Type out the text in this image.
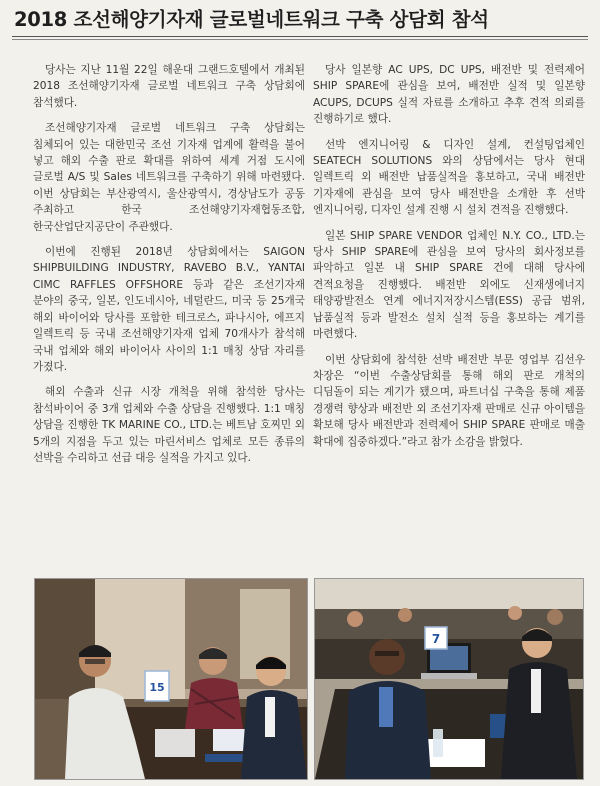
2018 조선해양기자재 글로벌네트워크 구축 상담회 참석

당사는 지난 11월 22일 해운대 그랜드호텔에서 개최된 2018 조선해양기자재 글로벌 네트워크 구축 상담회에 참석했다.

조선해양기자재 글로벌 네트워크 구축 상담회는 침체되어 있는 대한민국 조선 기자재 업계에 활력을 불어 넣고 해외 수출 판로 확대를 위하여 세계 거점 도시에 글로벌 A/S 및 Sales 네트워크를 구축하기 위해 마련됐다. 이번 상담회는 부산광역시, 울산광역시, 경상남도가 공동 주최하고 한국 조선해양기자재협동조합, 한국산업단지공단이 주관했다.

이번에 진행된 2018년 상담회에서는 SAIGON SHIPBUILDING INDUSTRY, RAVEBO B.V., YANTAI CIMC RAFFLES OFFSHORE 등과 같은 조선기자재 분야의 중국, 일본, 인도네시아, 네덜란드, 미국 등 25개국 해외 바이어와 당사를 포함한 테크로스, 파나시아, 에프지 일렉트릭 등 국내 조선해양기자재 업체 70개사가 참석해 국내 업체와 해외 바이어사 사이의 1:1 매칭 상담 자리를 가졌다.

해외 수출과 신규 시장 개척을 위해 참석한 당사는 참석바이어 중 3개 업체와 수출 상담을 진행했다. 1:1 매칭 상담을 진행한 TK MARINE CO., LTD.는 베트남 호찌민 외 5개의 지점을 두고 있는 마린서비스 업체로 모든 종류의 선박을 수리하고 선급 대응 실적을 가지고 있다.

당사 일본향 AC UPS, DC UPS, 배전반 및 전력제어 SHIP SPARE에 관심을 보여, 배전반 실적 및 일본향 ACUPS, DCUPS 실적 자료를 소개하고 추후 견적 의뢰를 진행하기로 했다.

선박 엔지니어링 & 디자인 설계, 컨설팅업체인 SEATECH SOLUTIONS 와의 상담에서는 당사 현대 일렉트릭 외 배전반 납품실적을 홍보하고, 국내 배전반 기자재에 관심을 보여 당사 배전반을 소개한 후 선박 엔지니어링, 디자인 설계 진행 시 설치 견적을 진행했다.

일본 SHIP SPARE VENDOR 업체인 N.Y. CO., LTD.는 당사 SHIP SPARE에 관심을 보여 당사의 회사정보를 파악하고 일본 내 SHIP SPARE 건에 대해 당사에 견적요청을 진행했다. 배전반 외에도 신재생에너지 태양광발전소 연계 에너지저장시스템(ESS) 공급 범위, 납품실적 등과 발전소 설치 실적 등을 홍보하는 계기를 마련했다.

이번 상담회에 참석한 선박 배전반 부문 영업부 김선우 차장은 “이번 수출상담회를 통해 해외 판로 개척의 디딤돌이 되는 계기가 됐으며, 파트너십 구축을 통해 제품 경쟁력 향상과 배전반 외 조선기자재 판매로 신규 아이템을 확보해 당사 배전반과 전력제어 SHIP SPARE 판매로 매출 확대에 집중하겠다.”라고 참가 소감을 밝혔다.

15
7
